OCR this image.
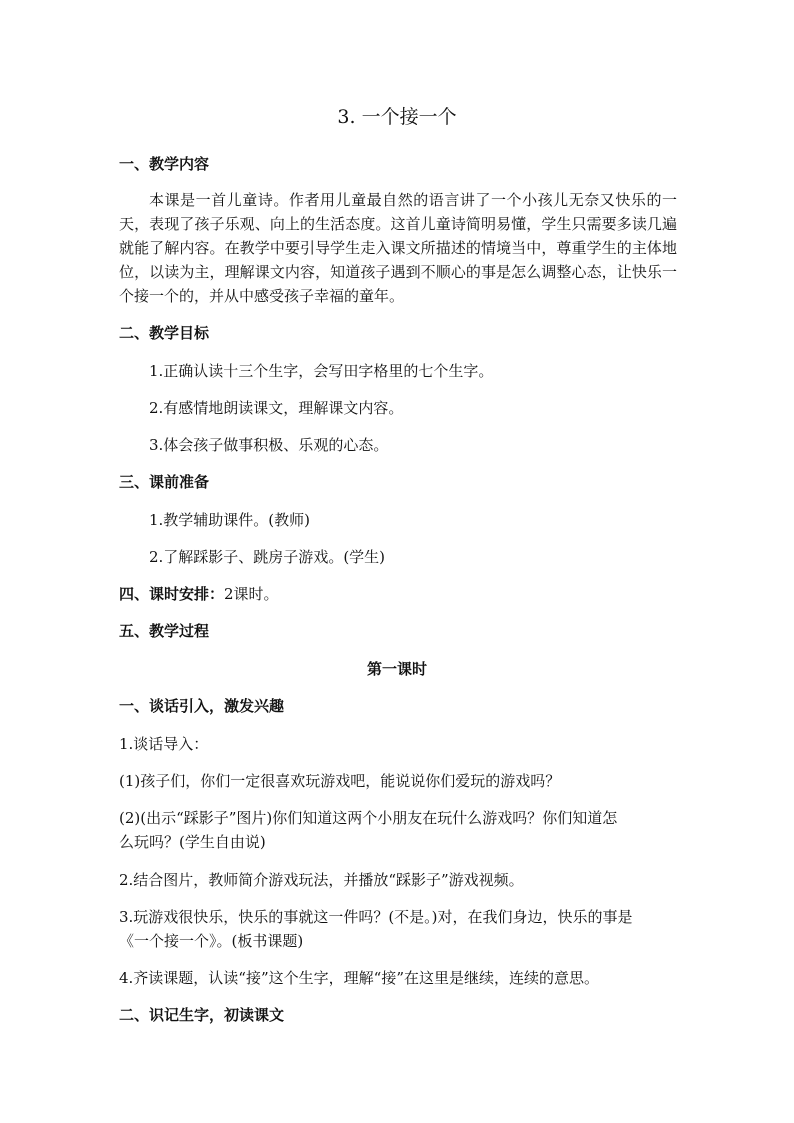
3. 一个接一个
一、教学内容
本课是一首儿童诗。作者用儿童最自然的语言讲了一个小孩儿无奈又快乐的一天，表现了孩子乐观、向上的生活态度。这首儿童诗简明易懂，学生只需要多读几遍就能了解内容。在教学中要引导学生走入课文所描述的情境当中，尊重学生的主体地位，以读为主，理解课文内容，知道孩子遇到不顺心的事是怎么调整心态，让快乐一个接一个的，并从中感受孩子幸福的童年。
二、教学目标
1.正确认读十三个生字，会写田字格里的七个生字。
2.有感情地朗读课文，理解课文内容。
3.体会孩子做事积极、乐观的心态。
三、课前准备
1.教学辅助课件。(教师)
2.了解踩影子、跳房子游戏。(学生)
四、课时安排：2课时。
五、教学过程
第一课时
一、谈话引入，激发兴趣
1.谈话导入：
(1)孩子们，你们一定很喜欢玩游戏吧，能说说你们爱玩的游戏吗？
(2)(出示“踩影子”图片)你们知道这两个小朋友在玩什么游戏吗？你们知道怎
么玩吗？(学生自由说)
2.结合图片，教师简介游戏玩法，并播放“踩影子”游戏视频。
3.玩游戏很快乐，快乐的事就这一件吗？(不是。)对，在我们身边，快乐的事是
《一个接一个》。(板书课题)
4.齐读课题，认读“接”这个生字，理解“接”在这里是继续，连续的意思。
二、识记生字，初读课文
